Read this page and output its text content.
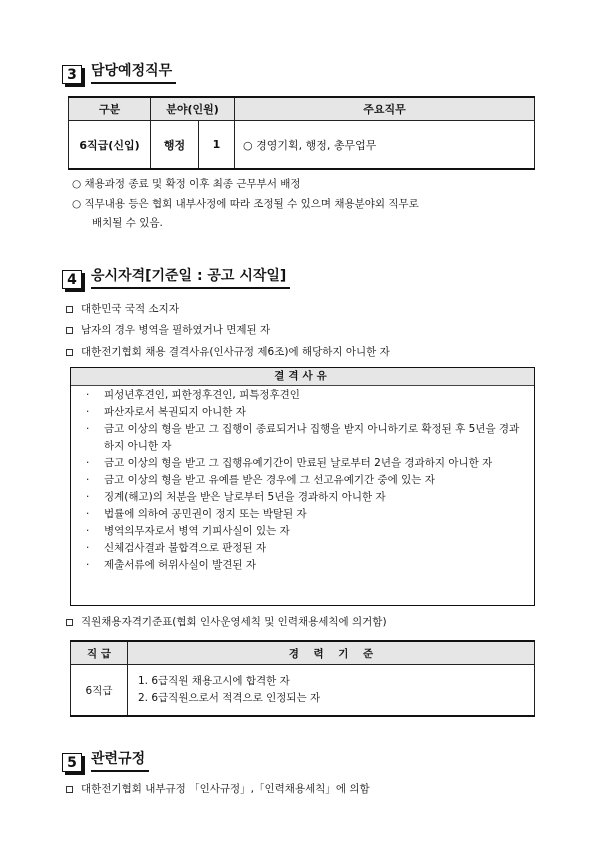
3	담당예정직무
구분	분야(인원)		주요직무
6직급(신입)	행정	1	○ 경영기획, 행정, 총무업무
○ 채용과정 종료 및 확정 이후 최종 근무부서 배정
○ 직무내용 등은 협회 내부사정에 따라 조정될 수 있으며 채용분야외 직무로
배치될 수 있음.
4	응시자격[기준일 : 공고 시작일]
대한민국 국적 소지자
남자의 경우 병역을 필하였거나 면제된 자
대한전기협회 채용 결격사유(인사규정 제6조)에 해당하지 아니한 자
결격사유
· 피성년후견인, 피한정후견인, 피특정후견인
· 파산자로서 복권되지 아니한 자
· 금고 이상의 형을 받고 그 집행이 종료되거나 집행을 받지 아니하기로 확정된 후 5년을 경과하지 아니한 자
· 금고 이상의 형을 받고 그 집행유예기간이 만료된 날로부터 2년을 경과하지 아니한 자
· 금고 이상의 형을 받고 유예를 받은 경우에 그 선고유예기간 중에 있는 자
· 징계(해고)의 처분을 받은 날로부터 5년을 경과하지 아니한 자
· 법률에 의하여 공민권이 정지 또는 박탈된 자
· 병역의무자로서 병역 기피사실이 있는 자
· 신체검사결과 불합격으로 판정된 자
· 제출서류에 허위사실이 발견된 자
직원채용자격기준표(협회 인사운영세칙 및 인력채용세칙에 의거함)
직 급	경    력    기    준
6직급	1. 6급직원 채용고시에 합격한 자
2. 6급직원으로서 적격으로 인정되는 자
5	관련규정
대한전기협회 내부규정 「인사규정」,「인력채용세칙」에 의함
